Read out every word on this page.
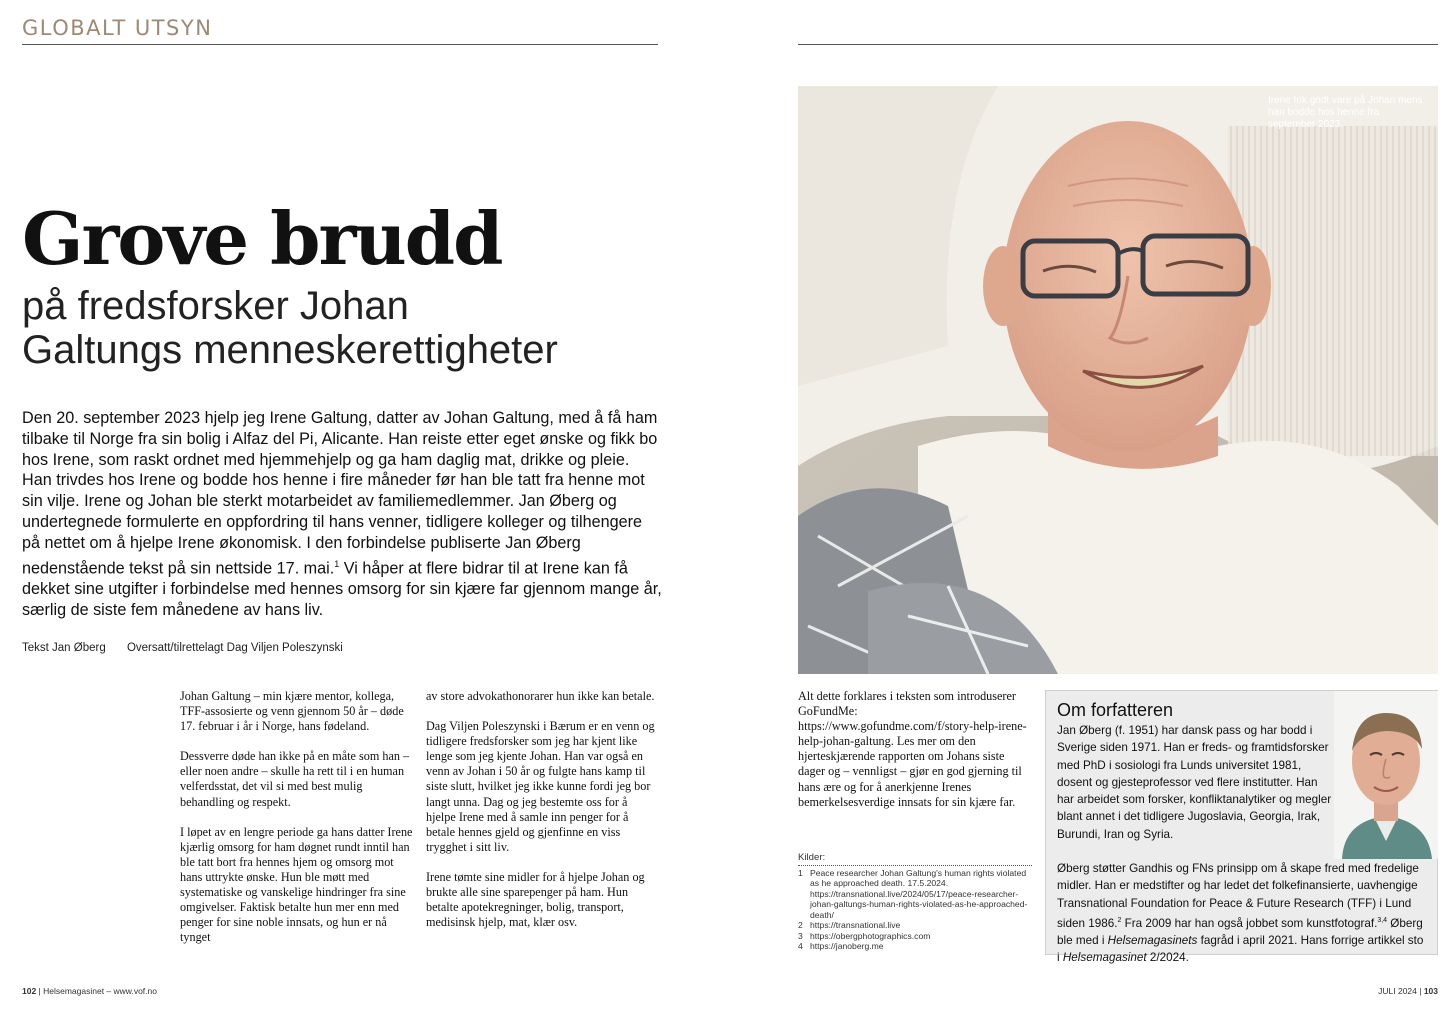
GLOBALT UTSYN
Grove brudd
på fredsforsker Johan
Galtungs menneskerettigheter

Den 20. september 2023 hjelp jeg Irene Galtung, datter av Johan Galtung, med å få ham tilbake til Norge fra sin bolig i Alfaz del Pi, Alicante. Han reiste etter eget ønske og fikk bo hos Irene, som raskt ordnet med hjemmehjelp og ga ham daglig mat, drikke og pleie. Han trivdes hos Irene og bodde hos henne i fire måneder før han ble tatt fra henne mot sin vilje. Irene og Johan ble sterkt motarbeidet av familiemedlemmer. Jan Øberg og undertegnede formulerte en oppfordring til hans venner, tidligere kolleger og tilhengere på nettet om å hjelpe Irene økonomisk. I den forbindelse publiserte Jan Øberg nedenstående tekst på sin nettside 17. mai.$^1$ Vi håper at flere bidrar til at Irene kan få dekket sine utgifter i forbindelse med hennes omsorg for sin kjære far gjennom mange år, særlig de siste fem månedene av hans liv.

Tekst Jan Øberg Oversatt/tilrettelagt Dag Viljen Poleszynski

Johan Galtung – min kjære mentor, kollega, TFF-assosierte og venn gjennom 50 år – døde 17. februar i år i Norge, hans fødeland.

Dessverre døde han ikke på en måte som han – eller noen andre – skulle ha rett til i en human velferdsstat, det vil si med best mulig behandling og respekt.

I løpet av en lengre periode ga hans datter Irene kjærlig omsorg for ham døgnet rundt inntil han ble tatt bort fra hennes hjem og omsorg mot hans uttrykte ønske. Hun ble møtt med systematiske og vanskelige hindringer fra sine omgivelser. Faktisk betalte hun mer enn med penger for sine noble innsats, og hun er nå tynget

av store advokathonorarer hun ikke kan betale.

Dag Viljen Poleszynski i Bærum er en venn og tidligere fredsforsker som jeg har kjent like lenge som jeg kjente Johan. Han var også en venn av Johan i 50 år og fulgte hans kamp til siste slutt, hvilket jeg ikke kunne fordi jeg bor langt unna. Dag og jeg bestemte oss for å hjelpe Irene med å samle inn penger for å betale hennes gjeld og gjenfinne en viss trygghet i sitt liv.

Irene tømte sine midler for å hjelpe Johan og brukte alle sine sparepenger på ham. Hun betalte apotekregninger, bolig, transport, medisinsk hjelp, mat, klær osv.

Alt dette forklares i teksten som introduserer GoFundMe: https://www.gofundme.com/f/story-help-irene-help-johan-galtung. Les mer om den hjerteskjærende rapporten om Johans siste dager og – vennligst – gjør en god gjerning til hans ære og for å anerkjenne Irenes bemerkelsesverdige innsats for sin kjære far.

Irene tok godt vare på Johan mens han bodde hos henne fra september 2023.
Kilder:
1 Peace researcher Johan Galtung's human rights violated as he approached death. 17.5.2024. https://transnational.live/2024/05/17/peace-researcher-johan-galtungs-human-rights-violated-as-he-approached-death/
2 https://transnational.live
3 https://obergphotographics.com
4 https://janoberg.me
Om forfatteren

Jan Øberg (f. 1951) har dansk pass og har bodd i Sverige siden 1971. Han er freds- og framtidsforsker med PhD i sosiologi fra Lunds universitet 1981, dosent og gjesteprofessor ved flere institutter. Han har arbeidet som forsker, konfliktanalytiker og megler blant annet i det tidligere Jugoslavia, Georgia, Irak, Burundi, Iran og Syria.

Øberg støtter Gandhis og FNs prinsipp om å skape fred med fredelige midler. Han er medstifter og har ledet det folkefinansierte, uavhengige Transnational Foundation for Peace & Future Research (TFF) i Lund siden 1986.$^2$ Fra 2009 har han også jobbet som kunstfotograf.$^{3,4}$ Øberg ble med i Helsemagasinets fagråd i april 2021. Hans forrige artikkel sto i Helsemagasinet 2/2024.

102 | Helsemagasinet – www.vof.no	JULI 2024 | 103
